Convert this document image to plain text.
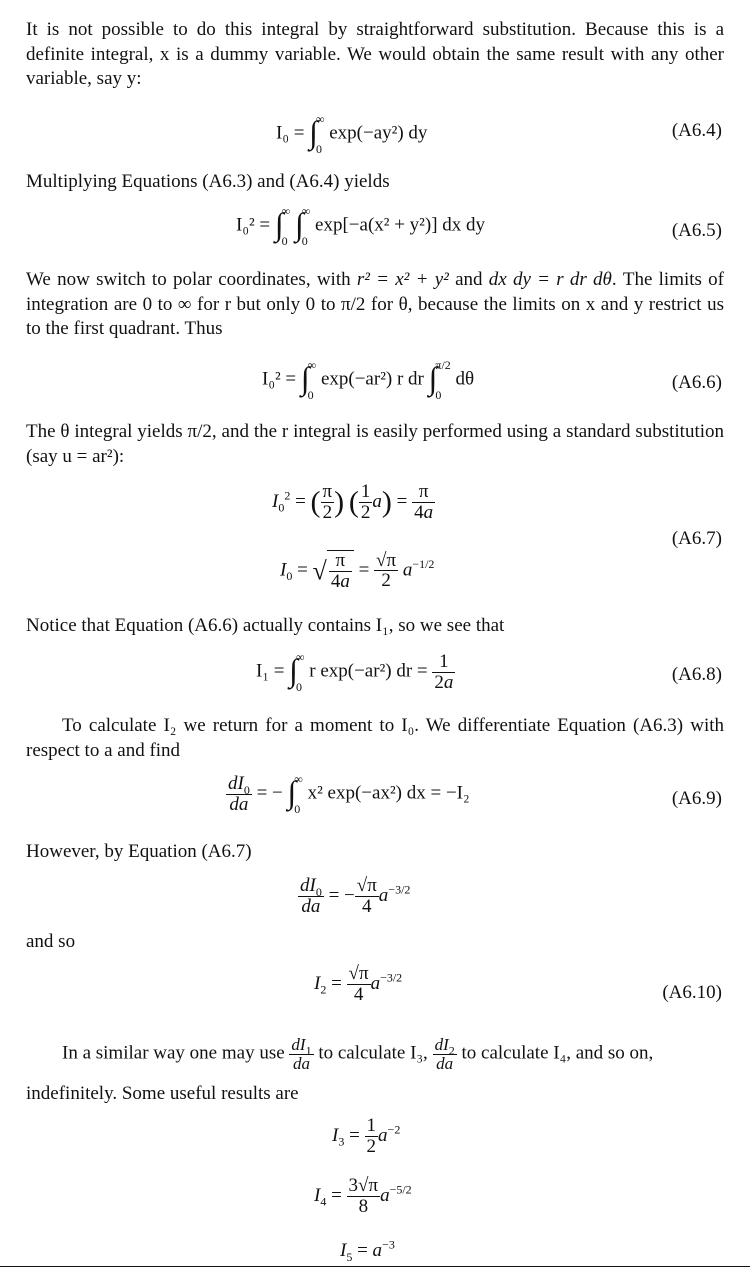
It is not possible to do this integral by straightforward substitution. Because this is a definite integral, x is a dummy variable. We would obtain the same result with any other variable, say y:

I₀ = ∫
∞
0
exp(−ay²) dy	(A6.4)

Multiplying Equations (A6.3) and (A6.4) yields

I₀² = ∫
∞
0 ∫
∞
0
exp[−a(x² + y²)] dx dy	(A6.5)

We now switch to polar coordinates, with r² = x² + y² and dx dy = r dr dθ. The limits of integration are 0 to ∞ for r but only 0 to π/2 for θ, because the limits on x and y restrict us to the first quadrant. Thus

I₀² = ∫
∞
0
exp(−ar²) r dr ∫
π/2
0
dθ	(A6.6)

The θ integral yields π/2, and the r integral is easily performed using a standard substitution (say u = ar²):

$I_0^2$ = ( $\frac{\pi}{2}$ ) ( $\frac{1}{2} a) = \frac{\pi}{4a}$
$I_0$ = √ $\frac{\pi}{4a} = \frac{√\pi}{2} a^{-1/2}$
(A6.7)

Notice that Equation (A6.6) actually contains I₁, so we see that

I₁ = ∫
∞
0
r exp(−ar²) dr = $\frac{1}{2a}$	(A6.8)

To calculate I₂ we return for a moment to I₀. We differentiate Equation (A6.3) with respect to a and find

$\frac{dI_0}{da}$ = − ∫
∞
0
x² exp(−ax²) dx = −I₂	(A6.9)

However, by Equation (A6.7)

$\frac{dI_0}{da}$ = − $\frac{√\pi}{4} a^{-3/2}$

and so

$I_2 = \frac{√\pi}{4} a^{-3/2}$
(A6.10)
In a similar way one may use $\frac{dI_1}{da}$ to calculate I₃, $\frac{dI_2}{da}$ to calculate I₄, and so on,

indefinitely. Some useful results are

$I_3 = \frac{1}{2} a^{-2}$
$I_4 = \frac{3√\pi}{8} a^{-5/2}$
$I_5 = a^{-3}$
